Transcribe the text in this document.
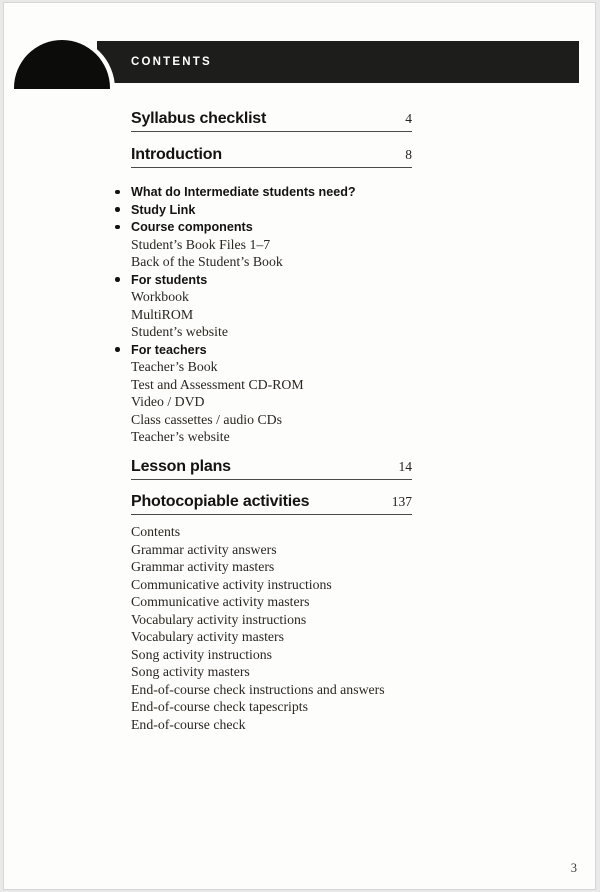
CONTENTS
Syllabus checklist	4
Introduction	8
What do Intermediate students need?
Study Link
Course components
Student’s Book Files 1–7
Back of the Student’s Book
For students
Workbook
MultiROM
Student’s website
For teachers
Teacher’s Book
Test and Assessment CD-ROM
Video / DVD
Class cassettes / audio CDs
Teacher’s website
Lesson plans	14
Photocopiable activities	137
Contents
Grammar activity answers
Grammar activity masters
Communicative activity instructions
Communicative activity masters
Vocabulary activity instructions
Vocabulary activity masters
Song activity instructions
Song activity masters
End-of-course check instructions and answers
End-of-course check tapescripts
End-of-course check
3
